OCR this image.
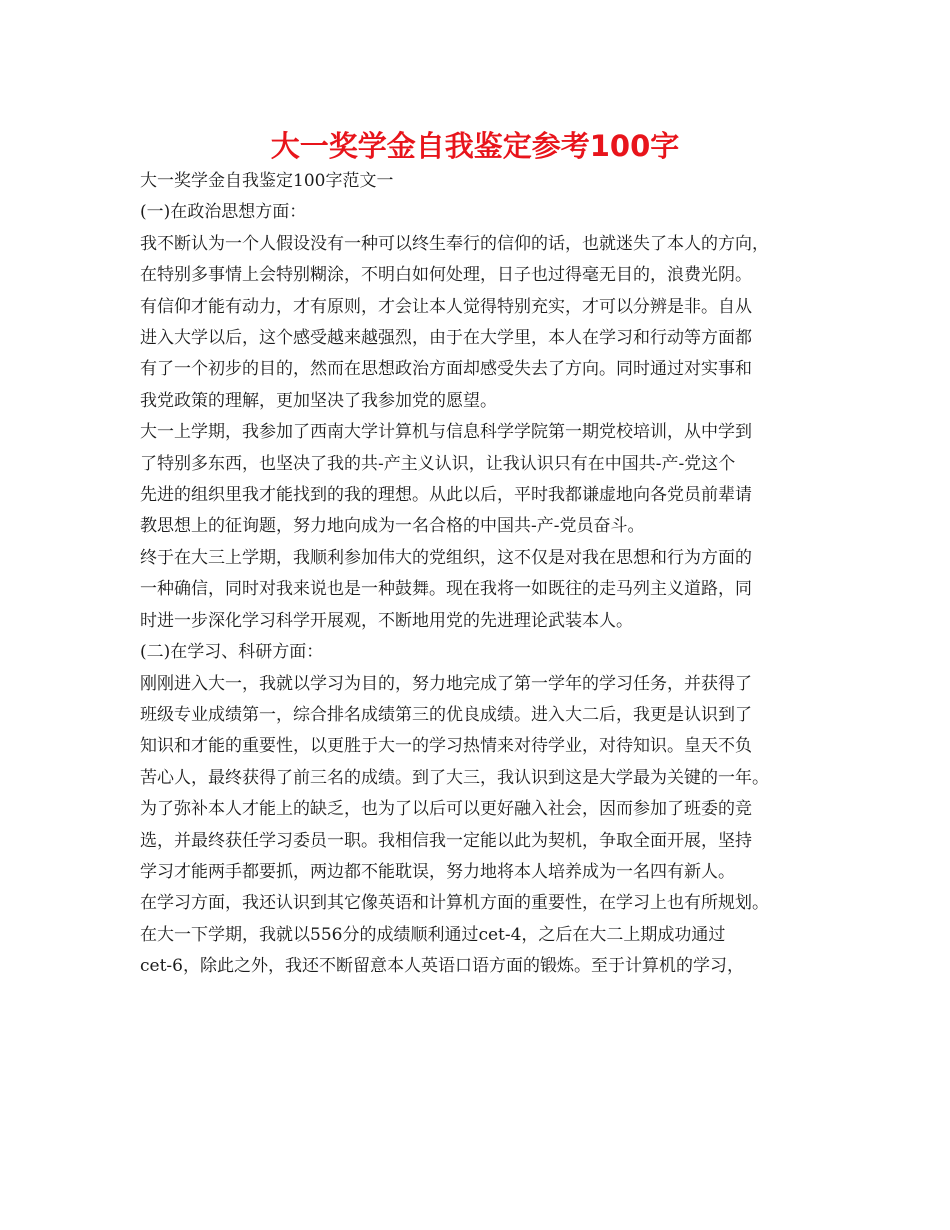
大一奖学金自我鉴定参考100字

大一奖学金自我鉴定100字范文一

(一)在政治思想方面：

我不断认为一个人假设没有一种可以终生奉行的信仰的话，也就迷失了本人的方向，

在特别多事情上会特别糊涂，不明白如何处理，日子也过得毫无目的，浪费光阴。

有信仰才能有动力，才有原则，才会让本人觉得特别充实，才可以分辨是非。自从

进入大学以后，这个感受越来越强烈，由于在大学里，本人在学习和行动等方面都

有了一个初步的目的，然而在思想政治方面却感受失去了方向。同时通过对实事和

我党政策的理解，更加坚决了我参加党的愿望。

大一上学期，我参加了西南大学计算机与信息科学学院第一期党校培训，从中学到

了特别多东西，也坚决了我的共-产主义认识，让我认识只有在中国共-产-党这个

先进的组织里我才能找到的我的理想。从此以后，平时我都谦虚地向各党员前辈请

教思想上的征询题，努力地向成为一名合格的中国共-产-党员奋斗。

终于在大三上学期，我顺利参加伟大的党组织，这不仅是对我在思想和行为方面的

一种确信，同时对我来说也是一种鼓舞。现在我将一如既往的走马列主义道路，同

时进一步深化学习科学开展观，不断地用党的先进理论武装本人。

(二)在学习、科研方面：

刚刚进入大一，我就以学习为目的，努力地完成了第一学年的学习任务，并获得了

班级专业成绩第一，综合排名成绩第三的优良成绩。进入大二后，我更是认识到了

知识和才能的重要性，以更胜于大一的学习热情来对待学业，对待知识。皇天不负

苦心人，最终获得了前三名的成绩。到了大三，我认识到这是大学最为关键的一年。

为了弥补本人才能上的缺乏，也为了以后可以更好融入社会，因而参加了班委的竞

选，并最终获任学习委员一职。我相信我一定能以此为契机，争取全面开展，坚持

学习才能两手都要抓，两边都不能耽误，努力地将本人培养成为一名四有新人。

在学习方面，我还认识到其它像英语和计算机方面的重要性，在学习上也有所规划。

在大一下学期，我就以556分的成绩顺利通过cet-4，之后在大二上期成功通过

cet-6，除此之外，我还不断留意本人英语口语方面的锻炼。至于计算机的学习，
